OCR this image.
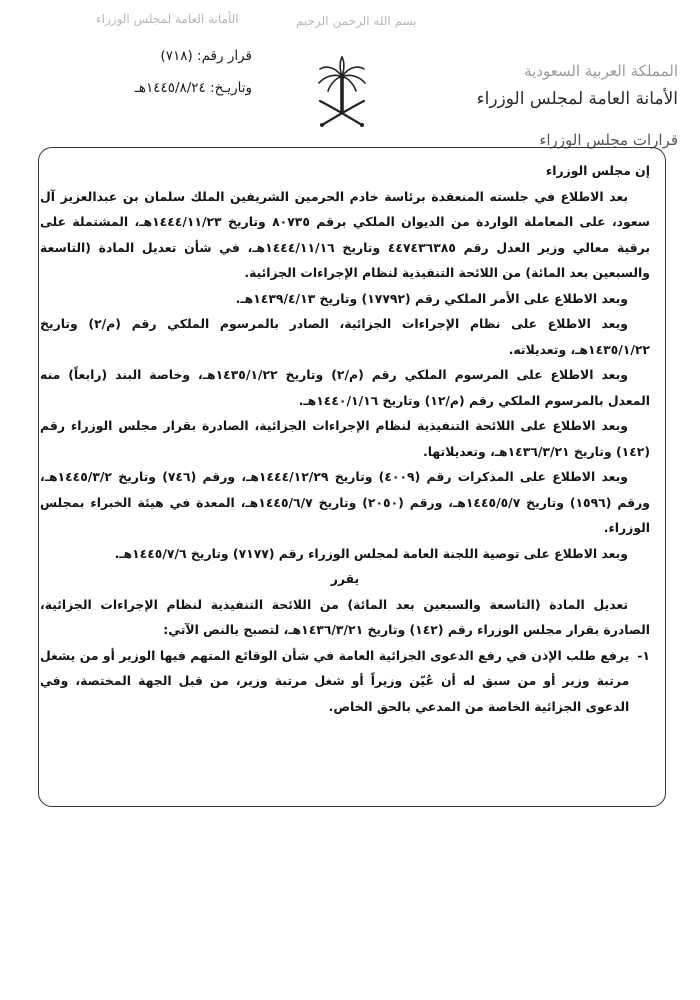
الأمانة العامة لمجلس الوزراء	بسم الله الرحمن الرحيم
قرار رقم: (٧١٨)
وتاريـخ: ١٤٤٥/٨/٢٤هـ
المملكة العربية السعودية
الأمانة العامة لمجلس الوزراء
قرارات مجلس الوزراء

إن مجلس الوزراء

بعد الاطلاع في جلسته المنعقدة برئاسة خادم الحرمين الشريفين الملك سلمان بن عبدالعزيز آل سعود، على المعاملة الواردة من الديوان الملكي برقم ٨٠٧٣٥ وتاريخ ١٤٤٤/١١/٢٣هـ، المشتملة على برقية معالي وزير العدل رقم ٤٤٧٤٣٦٣٨٥ وتاريخ ١٤٤٤/١١/١٦هـ، في شأن تعديل المادة (التاسعة والسبعين بعد المائة) من اللائحة التنفيذية لنظام الإجراءات الجزائية.

وبعد الاطلاع على الأمر الملكي رقم (١٧٧٩٢) وتاريخ ١٤٣٩/٤/١٣هـ.

وبعد الاطلاع على نظام الإجراءات الجزائية، الصادر بالمرسوم الملكي رقم (م/٢) وتاريخ ١٤٣٥/١/٢٢هـ، وتعديلاته.

وبعد الاطلاع على المرسوم الملكي رقم (م/٢) وتاريخ ١٤٣٥/١/٢٢هـ، وخاصة البند (رابعاً) منه المعدل بالمرسوم الملكي رقم (م/١٢) وتاريخ ١٤٤٠/١/١٦هـ.

وبعد الاطلاع على اللائحة التنفيذية لنظام الإجراءات الجزائية، الصادرة بقرار مجلس الوزراء رقم (١٤٢) وتاريخ ١٤٣٦/٣/٢١هـ، وتعديلاتها.

وبعد الاطلاع على المذكرات رقم (٤٠٠٩) وتاريخ ١٤٤٤/١٢/٢٩هـ، ورقم (٧٤٦) وتاريخ ١٤٤٥/٣/٢هـ، ورقم (١٥٩٦) وتاريخ ١٤٤٥/٥/٧هـ، ورقم (٢٠٥٠) وتاريخ ١٤٤٥/٦/٧هـ، المعدة في هيئة الخبراء بمجلس الوزراء.

وبعد الاطلاع على توصية اللجنة العامة لمجلس الوزراء رقم (٧١٧٧) وتاريخ ١٤٤٥/٧/٦هـ.

يقرر

تعديل المادة (التاسعة والسبعين بعد المائة) من اللائحة التنفيذية لنظام الإجراءات الجزائية، الصادرة بقرار مجلس الوزراء رقم (١٤٢) وتاريخ ١٤٣٦/٣/٢١هـ، لتصبح بالنص الآتي:

١-
يرفع طلب الإذن في رفع الدعوى الجزائية العامة في شأن الوقائع المتهم فيها الوزير أو من يشغل مرتبة وزير أو من سبق له أن عُيّن وزيراً أو شغل مرتبة وزير، من قبل الجهة المختصة، وفي الدعوى الجزائية الخاصة من المدعي بالحق الخاص.
